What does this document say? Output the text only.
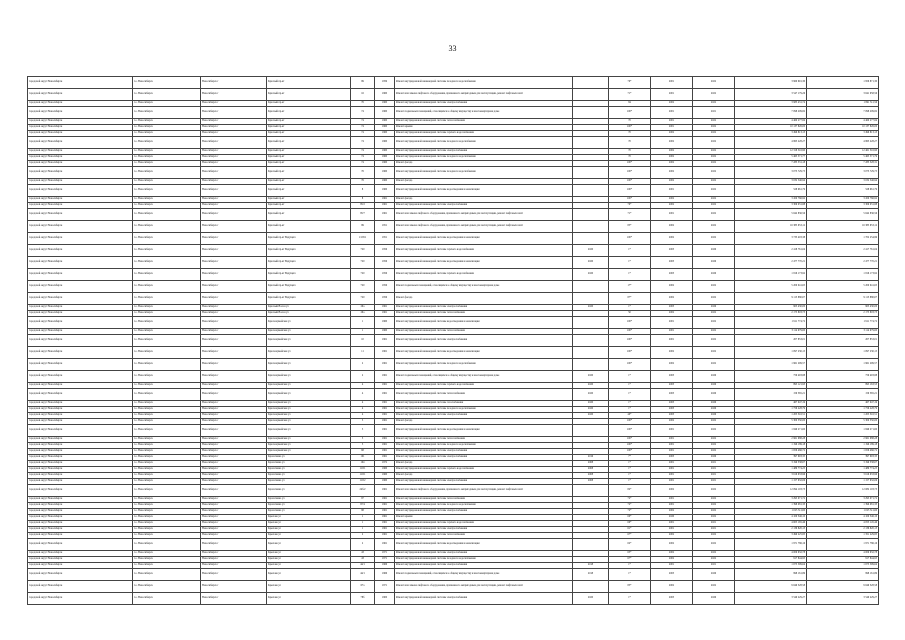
33
городской округ Новосибирск	г.о. Новосибирск	Новосибирск г	Красный пр-кт	99	1959	Ремонт внутридомовой инженерной системы холодного водоснабжения		70*	2001	2022	3 960 691,30	1 956 871,30
городской округ Новосибирск	г.о. Новосибирск	Новосибирск г	Красный пр-кт	16	1960	Ремонт или замена лифтового оборудования, признанного непригодным для эксплуатации, ремонт лифтовых шахт		71*	2001	2022	3 547 179,26	3 641 958,56
городской округ Новосибирск	г.о. Новосибирск	Новосибирск г	Красный пр-кт	76	1960	Ремонт внутридомовой инженерной системы электроснабжения		84	2002	2022	3 983 431,74	1 891 511,56
городской округ Новосибирск	г.о. Новосибирск	Новосибирск г	Красный пр-кт	74	1960	Ремонт подвальных помещений, относящихся к общему имуществу в многоквартирном доме		100*	2001	2021	7 098 209,82	7 098 209,82
городской округ Новосибирск	г.о. Новосибирск	Новосибирск г	Красный пр-кт	74	1960	Ремонт внутридомовой инженерной системы теплоснабжения		70	2001	2022	4 460 277,84	4 460 277,84
городской округ Новосибирск	г.о. Новосибирск	Новосибирск г	Красный пр-кт	74	1960	Ремонт крыши		100*	2001	2022	10 137 826,00	10 137 826,00
городской округ Новосибирск	г.о. Новосибирск	Новосибирск г	Красный пр-кт	74	1960	Ремонт внутридомовой инженерной системы горячего водоснабжения		70	2002	2022	3 496 813,13	3 496 813,13
городской округ Новосибирск	г.о. Новосибирск	Новосибирск г	Красный пр-кт	74	1960	Ремонт внутридомовой инженерной системы холодного водоснабжения		70	2002	2022	4 863 228,27	4 863 228,27
городской округ Новосибирск	г.о. Новосибирск	Новосибирск г	Красный пр-кт	74	1960	Ремонт внутридомовой инженерной системы электроснабжения		70	2002	2022	12 318 316,90	12 461 316,90
городской округ Новосибирск	г.о. Новосибирск	Новосибирск г	Красный пр-кт	74	1960	Ремонт внутридомовой инженерной системы холодного водоснабжения		70	2002	2022	5 465 571,77	5 465 571,79
городской округ Новосибирск	г.о. Новосибирск	Новосибирск г	Красный пр-кт	74	1960	Ремонт фасада		100*	2002	2022	7 283 331,18	7 283 328,31
городской округ Новосибирск	г.о. Новосибирск	Новосибирск г	Красный пр-кт	76	1960	Ремонт внутридомовой инженерной системы холодного водоснабжения		100*	2002	2022	3 073 729,75	3 073 729,75
городской округ Новосибирск	г.о. Новосибирск	Новосибирск г	Красный пр-кт	76	1960	Ремонт фасада		100*	2002	2022	3 032 546,94	3 032 546,94
городской округ Новосибирск	г.о. Новосибирск	Новосибирск г	Красный пр-кт	8	1960	Ремонт внутридомовой инженерной системы водоотведения и канализации		100*	2001	2022	528 961,79	528 961,79
городской округ Новосибирск	г.о. Новосибирск	Новосибирск г	Красный пр-кт	8	1961	Ремонт фасада		100*	2002	2022	3 450 766,92	3 450 766,92
городской округ Новосибирск	г.о. Новосибирск	Новосибирск г	Красный пр-кт	85/2	1961	Ремонт внутридомовой инженерной системы электроснабжения		70*	2002	2022	3 309 031,88	3 309 031,88
городской округ Новосибирск	г.о. Новосибирск	Новосибирск г	Красный пр-кт	85/7	1961	Ремонт или замена лифтового оборудования, признанного непригодным для эксплуатации, ремонт лифтовых шахт		71*	2001	2022	5 642 836,56	5 642 836,56
городской округ Новосибирск	г.о. Новосибирск	Новосибирск г	Красный пр-кт	99	1951	Ремонт или замена лифтового оборудования, признанного непригодным для эксплуатации, ремонт лифтовых шахт		85*	2002	2022	16 385 653,12	16 385 653,12
городской округ Новосибирск	г.о. Новосибирск	Новосибирск г	Красный пр-кт Ведущего	1/1651	1951	Ремонт внутридомовой инженерной системы водоотведения и канализации		100*	2002	2022	3 733 403,38	1 702 254,99
городской округ Новосибирск	г.о. Новосибирск	Новосибирск г	Красный пр-кт Ведущего	720	1956	Ремонт внутридомовой инженерной системы горячего водоснабжения	2020	1*	2003	2026	2 418 761,04	2 417 761,04
городской округ Новосибирск	г.о. Новосибирск	Новосибирск г	Красный пр-кт Ведущего	720	1956	Ремонт внутридомовой инженерной системы водоотведения и канализации	2020	1*	2003	2026	2 477 770,21	2 477 770,21
городской округ Новосибирск	г.о. Новосибирск	Новосибирск г	Красный пр-кт Ведущего	720	1956	Ремонт внутридомовой инженерной системы горячего водоснабжения	2020	1*	2003	2026	1 816 173,92	1 816 173,92
городской округ Новосибирск	г.о. Новосибирск	Новосибирск г	Красный пр-кт Ведущего	720	1956	Ремонт подвальных помещений, относящихся к общему имуществу в многоквартирном доме		17*	2002	2022	5 200 041,65	5 200 041,65
городской округ Новосибирск	г.о. Новосибирск	Новосибирск г	Красный пр-кт Ведущего	720	1956	Ремонт фасада		87*	2002	2022	9 113 880,67	9 113 880,67
городской округ Новосибирск	г.о. Новосибирск	Новосибирск г	Красный Волон ул	26а	1961	Ремонт внутридомовой инженерной системы электроснабжения	2020	1*	2003	2026	905 430,00	905 430,00
городской округ Новосибирск	г.о. Новосибирск	Новосибирск г	Красный Волон ул	26а	1961	Ремонт внутридомовой инженерной системы теплоснабжения		50	2002	2022	2 175 803,73	2 175 803,73
городской округ Новосибирск	г.о. Новосибирск	Новосибирск г	Красноармейская ул	1	1960	Ремонт внутридомовой инженерной системы водоотведения и канализации		100*	2001	2022	1 911 774,72	1 911 774,72
городской округ Новосибирск	г.о. Новосибирск	Новосибирск г	Красноармейская ул	1	1960	Ремонт внутридомовой инженерной системы теплоснабжения		100*	2001	2022	3 114 979,60	3 114 979,60
городской округ Новосибирск	г.о. Новосибирск	Новосибирск г	Красноармейская ул	10	1961	Ремонт внутридомовой инженерной системы электроснабжения		100*	2001	2022	207 853,01	207 853,01
городской округ Новосибирск	г.о. Новосибирск	Новосибирск г	Красноармейская ул	11	1961	Ремонт внутридомовой инженерной системы водоотведения и канализации		100*	2002	2022	1 097 230,15	1 097 230,15
городской округ Новосибирск	г.о. Новосибирск	Новосибирск г	Красноармейская ул	2	1961	Ремонт внутридомовой инженерной системы холодного водоснабжения		100*	2002	2022	1 961 299,57	1 961 299,57
городской округ Новосибирск	г.о. Новосибирск	Новосибирск г	Красноармейская ул	2	1961	Ремонт подвальных помещений, относящихся к общему имуществу в многоквартирном доме	2020	1*	2003	2026	759 493,88	759 493,88
городской округ Новосибирск	г.о. Новосибирск	Новосибирск г	Красноармейская ул	4	1961	Ремонт внутридомовой инженерной системы горячего водоснабжения	2020	1*	2003	2026	895 121,93	895 163,53
городской округ Новосибирск	г.о. Новосибирск	Новосибирск г	Красноармейская ул	4	1961	Ремонт внутридомовой инженерной системы теплоснабжения	2020	1*	2003	2026	159 365,21	159 365,21
городской округ Новосибирск	г.о. Новосибирск	Новосибирск г	Красноармейская ул	4	1961	Ремонт внутридомовой инженерной системы газоснабжения	2020	1*	2003	2026	467 047,19	467 047,19
городской округ Новосибирск	г.о. Новосибирск	Новосибирск г	Красноармейская ул	4	1961	Ремонт внутридомовой инженерной системы холодного водоснабжения	2020	1*	2003	2026	1 756 228,79	1 756 228,79
городской округ Новосибирск	г.о. Новосибирск	Новосибирск г	Красноармейская ул	4	1961	Ремонт внутридомовой инженерной системы электроснабжения	2020	40*	2003	2026	1 205 316,51	1 205 316,51
городской округ Новосибирск	г.о. Новосибирск	Новосибирск г	Красноармейская ул	5	1961	Ремонт фасада		100*	2002	2022	5 300 350,00	5 300 350,00
городской округ Новосибирск	г.о. Новосибирск	Новосибирск г	Красноармейская ул	5	1961	Ремонт внутридомовой инженерной системы водоотведения и канализации		100*	2001	2022	1 849 271,60	1 849 271,60
городской округ Новосибирск	г.о. Новосибирск	Новосибирск г	Красноармейская ул	5	1961	Ремонт внутридомовой инженерной системы теплоснабжения		100*	2001	2022	2 961 988,28	2 961 988,28
городской округ Новосибирск	г.о. Новосибирск	Новосибирск г	Красноармейская ул	5	1961	Ремонт внутридомовой инженерной системы холодного водоснабжения		100*	2001	2022	1 196 189,18	1 196 189,18
городской округ Новосибирск	г.о. Новосибирск	Новосибирск г	Красноармейская ул	68	1961	Ремонт внутридомовой инженерной системы электроснабжения		100*	2001	2022	1 656 466,72	1 656 466,72
городской округ Новосибирск	г.о. Новосибирск	Новосибирск г	Кропоткина ул	101	1961	Ремонт внутридомовой инженерной системы электроснабжения	2016	7*	2003	2026	397 693,35	397 693,35
городской округ Новосибирск	г.о. Новосибирск	Новосибирск г	Кропоткина ул	104	1972	Ремонт фасада	2008	1*	2001	2021	3 199 338,67	3 199 338,67
городской округ Новосибирск	г.о. Новосибирск	Новосибирск г	Кропоткина ул	110/1	1960	Ремонт внутридомовой инженерной системы горячего водоснабжения	2008	1*	2001	2021	1 489 774,25	1 489 774,25
городской округ Новосибирск	г.о. Новосибирск	Новосибирск г	Кропоткина ул	110/1	1960	Ремонт фасада	2008	1*	2001	2021	3 616 633,96	3 616 633,96
городской округ Новосибирск	г.о. Новосибирск	Новосибирск г	Кропоткина ул	110/2	1960	Ремонт внутридомовой инженерной системы электроснабжения	2008	1*	2001	2021	1 157 632,06	1 157 632,06
городской округ Новосибирск	г.о. Новосибирск	Новосибирск г	Кропоткина ул	24б/2	1961	Ремонт или замена лифтового оборудования, признанного непригодным для эксплуатации, ремонт лифтовых шахт		82*	2002	2022	12 094 103,73	12 082 103,73
городской округ Новосибирск	г.о. Новосибирск	Новосибирск г	Кропоткина ул	97	1961	Ремонт внутридомовой инженерной системы теплоснабжения		72*	2001	2022	3 295 071,72	3 295 071,72
городской округ Новосибирск	г.о. Новосибирск	Новосибирск г	Кропоткина ул	97/4	1961	Ремонт внутридомовой инженерной системы холодного водоснабжения		72*	2001	2022	1 398 081,33	1 396 081,33
городской округ Новосибирск	г.о. Новосибирск	Новосибирск г	Кропоткина ул	98	1961	Ремонт внутридомовой инженерной системы электроснабжения		72*	2002	2022	1 023 311,60	1 023 311,60
городской округ Новосибирск	г.о. Новосибирск	Новосибирск г	Крылова ул	1	1961	Ремонт крыши		60*	2020	2022	4 100 346,10	4 100 346,10
городской округ Новосибирск	г.о. Новосибирск	Новосибирск г	Крылова ул	1	1961	Ремонт внутридомовой инженерной системы горячего водоснабжения		60*	2001	2021	4 605 165,46	4 055 145,46
городской округ Новосибирск	г.о. Новосибирск	Новосибирск г	Крылова ул	1	1961	Ремонт внутридомовой инженерной системы электроснабжения		61*	2001	2021	2 136 820,13	2 136 820,13
городской округ Новосибирск	г.о. Новосибирск	Новосибирск г	Крылова ул	2	1961	Ремонт внутридомовой инженерной системы теплоснабжения		67*	2002	2022	3 499 225,85	1 351 229,85
городской округ Новосибирск	г.о. Новосибирск	Новосибирск г	Крылова ул	2	1961	Ремонт внутридомовой инженерной системы водоотведения и канализации		62*	2002	2022	1 971 786,16	1 971 786,16
городской округ Новосибирск	г.о. Новосибирск	Новосибирск г	Крылова ул	43	1971	Ремонт внутридомовой инженерной системы электроснабжения		65*	2002	2022	4 009 632,78	4 009 632,78
городской округ Новосибирск	г.о. Новосибирск	Новосибирск г	Крылова ул	43	1971	Ремонт внутридомовой инженерной системы холодного водоснабжения		67*	2002	2022	917 844,95	917 844,95
городской округ Новосибирск	г.о. Новосибирск	Новосибирск г	Крылова ул	44/1	1966	Ремонт внутридомовой инженерной системы электроснабжения	2018	1*	2001	2021	1 675 599,64	1 675 599,64
городской округ Новосибирск	г.о. Новосибирск	Новосибирск г	Крылова ул	44/1	1966	Ремонт подвальных помещений, относящихся к общему имуществу в многоквартирном доме	2018	1*	2003	2026	998 161,89	998 161,89
городской округ Новосибирск	г.о. Новосибирск	Новосибирск г	Крылова ул	67а	1971	Ремонт или замена лифтового оборудования, признанного непригодным для эксплуатации, ремонт лифтовых шахт		85*	2002	2022	9 649 328,58	9 649 328,58
городской округ Новосибирск	г.о. Новосибирск	Новосибирск г	Крылова ул	78б	1900	Ремонт внутридомовой инженерной системы электроснабжения	2020	1*	2003	2026	3 549 229,27	3 549 229,27
